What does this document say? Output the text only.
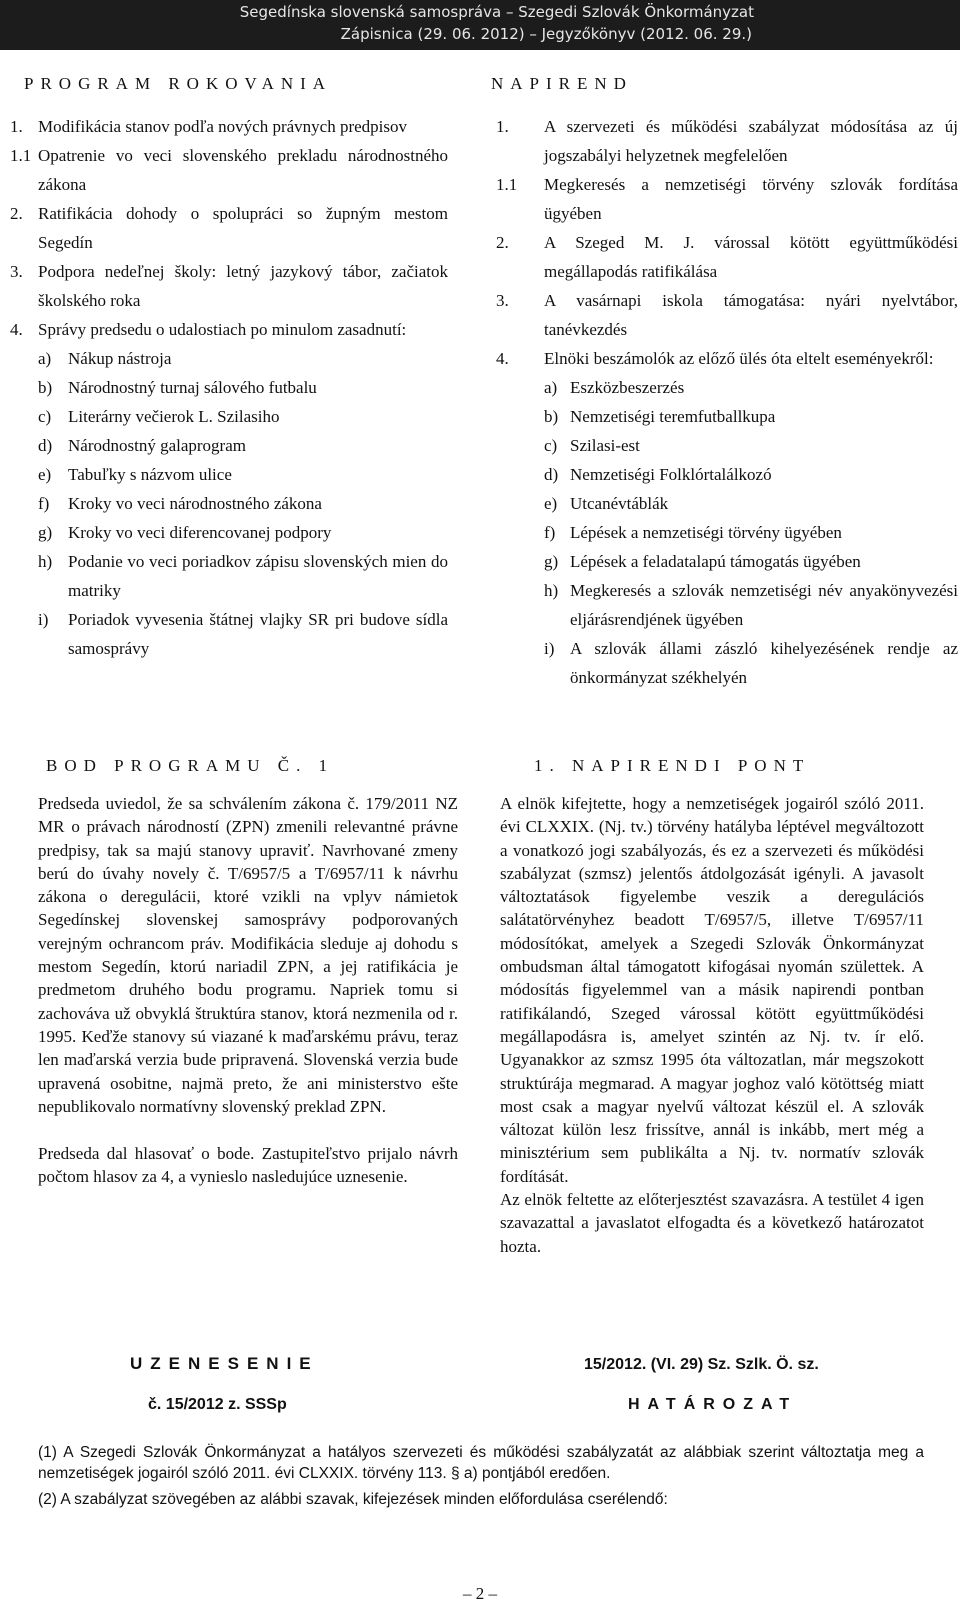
Segedínska slovenská samospráva – Szegedi Szlovák Önkormányzat
Zápisnica (29. 06. 2012) – Jegyzőkönyv (2012. 06. 29.)
PROGRAM ROKOVANIA	NAPIREND
1. Modifikácia stanov podľa nových právnych predpisov
1.1 Opatrenie vo veci slovenského prekladu národnostného zákona
2. Ratifikácia dohody o spolupráci so župným mestom Segedín
3. Podpora nedeľnej školy: letný jazykový tábor, začiatok školského roka
4. Správy predsedu o udalostiach po minulom zasadnutí:
a) Nákup nástroja
b) Národnostný turnaj sálového futbalu
c) Literárny večierok L. Szilasiho
d) Národnostný galaprogram
e) Tabuľky s názvom ulice
f) Kroky vo veci národnostného zákona
g) Kroky vo veci diferencovanej podpory
h) Podanie vo veci poriadkov zápisu slovenských mien do matriky
i) Poriadok vyvesenia štátnej vlajky SR pri budove sídla samosprávy
1. A szervezeti és működési szabályzat módosítása az új jogszabályi helyzetnek megfelelően
1.1 Megkeresés a nemzetiségi törvény szlovák fordítása ügyében
2. A Szeged M. J. várossal kötött együttműködési megállapodás ratifikálása
3. A vasárnapi iskola támogatása: nyári nyelvtábor, tanévkezdés
4. Elnöki beszámolók az előző ülés óta eltelt eseményekről:
a) Eszközbeszerzés
b) Nemzetiségi teremfutballkupa
c) Szilasi-est
d) Nemzetiségi Folklórtalálkozó
e) Utcanévtáblák
f) Lépések a nemzetiségi törvény ügyében
g) Lépések a feladatalapú támogatás ügyében
h) Megkeresés a szlovák nemzetiségi név anyakönyvezési eljárásrendjének ügyében
i) A szlovák állami zászló kihelyezésének rendje az önkormányzat székhelyén
BOD PROGRAMU Č. 1	1. NAPIRENDI PONT
Predseda uviedol, že sa schválením zákona č. 179/2011 NZ MR o právach národností (ZPN) zmenili relevantné právne predpisy, tak sa majú stanovy upraviť. Navrhované zmeny berú do úvahy novely č. T/6957/5 a T/6957/11 k návrhu zákona o deregulácii, ktoré vzikli na vplyv námietok Segedínskej slovenskej samosprávy podporovaných verejným ochrancom práv. Modifikácia sleduje aj dohodu s mestom Segedín, ktorú nariadil ZPN, a jej ratifikácia je predmetom druhého bodu programu. Napriek tomu si zachováva už obvyklá štruktúra stanov, ktorá nezmenila od r. 1995. Keďže stanovy sú viazané k maďarskému právu, teraz len maďarská verzia bude pripravená. Slovenská verzia bude upravená osobitne, najmä preto, že ani ministerstvo ešte nepublikovalo normatívny slovenský preklad ZPN.
Predseda dal hlasovať o bode. Zastupiteľstvo prijalo návrh počtom hlasov za 4, a vynieslo nasledujúce uznesenie.
A elnök kifejtette, hogy a nemzetiségek jogairól szóló 2011. évi CLXXIX. (Nj. tv.) törvény hatályba léptével megváltozott a vonatkozó jogi szabályozás, és ez a szervezeti és működési szabályzat (szmsz) jelentős átdolgozását igényli. A javasolt változtatások figyelembe veszik a deregulációs salátatörvényhez beadott T/6957/5, illetve T/6957/11 módosítókat, amelyek a Szegedi Szlovák Önkormányzat ombudsman által támogatott kifogásai nyomán születtek. A módosítás figyelemmel van a másik napirendi pontban ratifikálandó, Szeged várossal kötött együttműködési megállapodásra is, amelyet szintén az Nj. tv. ír elő. Ugyanakkor az szmsz 1995 óta változatlan, már megszokott struktúrája megmarad. A magyar joghoz való kötöttség miatt most csak a magyar nyelvű változat készül el. A szlovák változat külön lesz frissítve, annál is inkább, mert még a minisztérium sem publikálta a Nj. tv. normatív szlovák fordítását.
Az elnök feltette az előterjesztést szavazásra. A testület 4 igen szavazattal a javaslatot elfogadta és a következő határozatot hozta.
UZENESENIE	15/2012. (VI. 29) Sz. Szlk. Ö. sz.
č. 15/2012 z. SSSp	HATÁROZAT
(1) A Szegedi Szlovák Önkormányzat a hatályos szervezeti és működési szabályzatát az alábbiak szerint változtatja meg a nemzetiségek jogairól szóló 2011. évi CLXXIX. törvény 113. § a) pontjából eredően.
(2) A szabályzat szövegében az alábbi szavak, kifejezések minden előfordulása cserélendő:
– 2 –
